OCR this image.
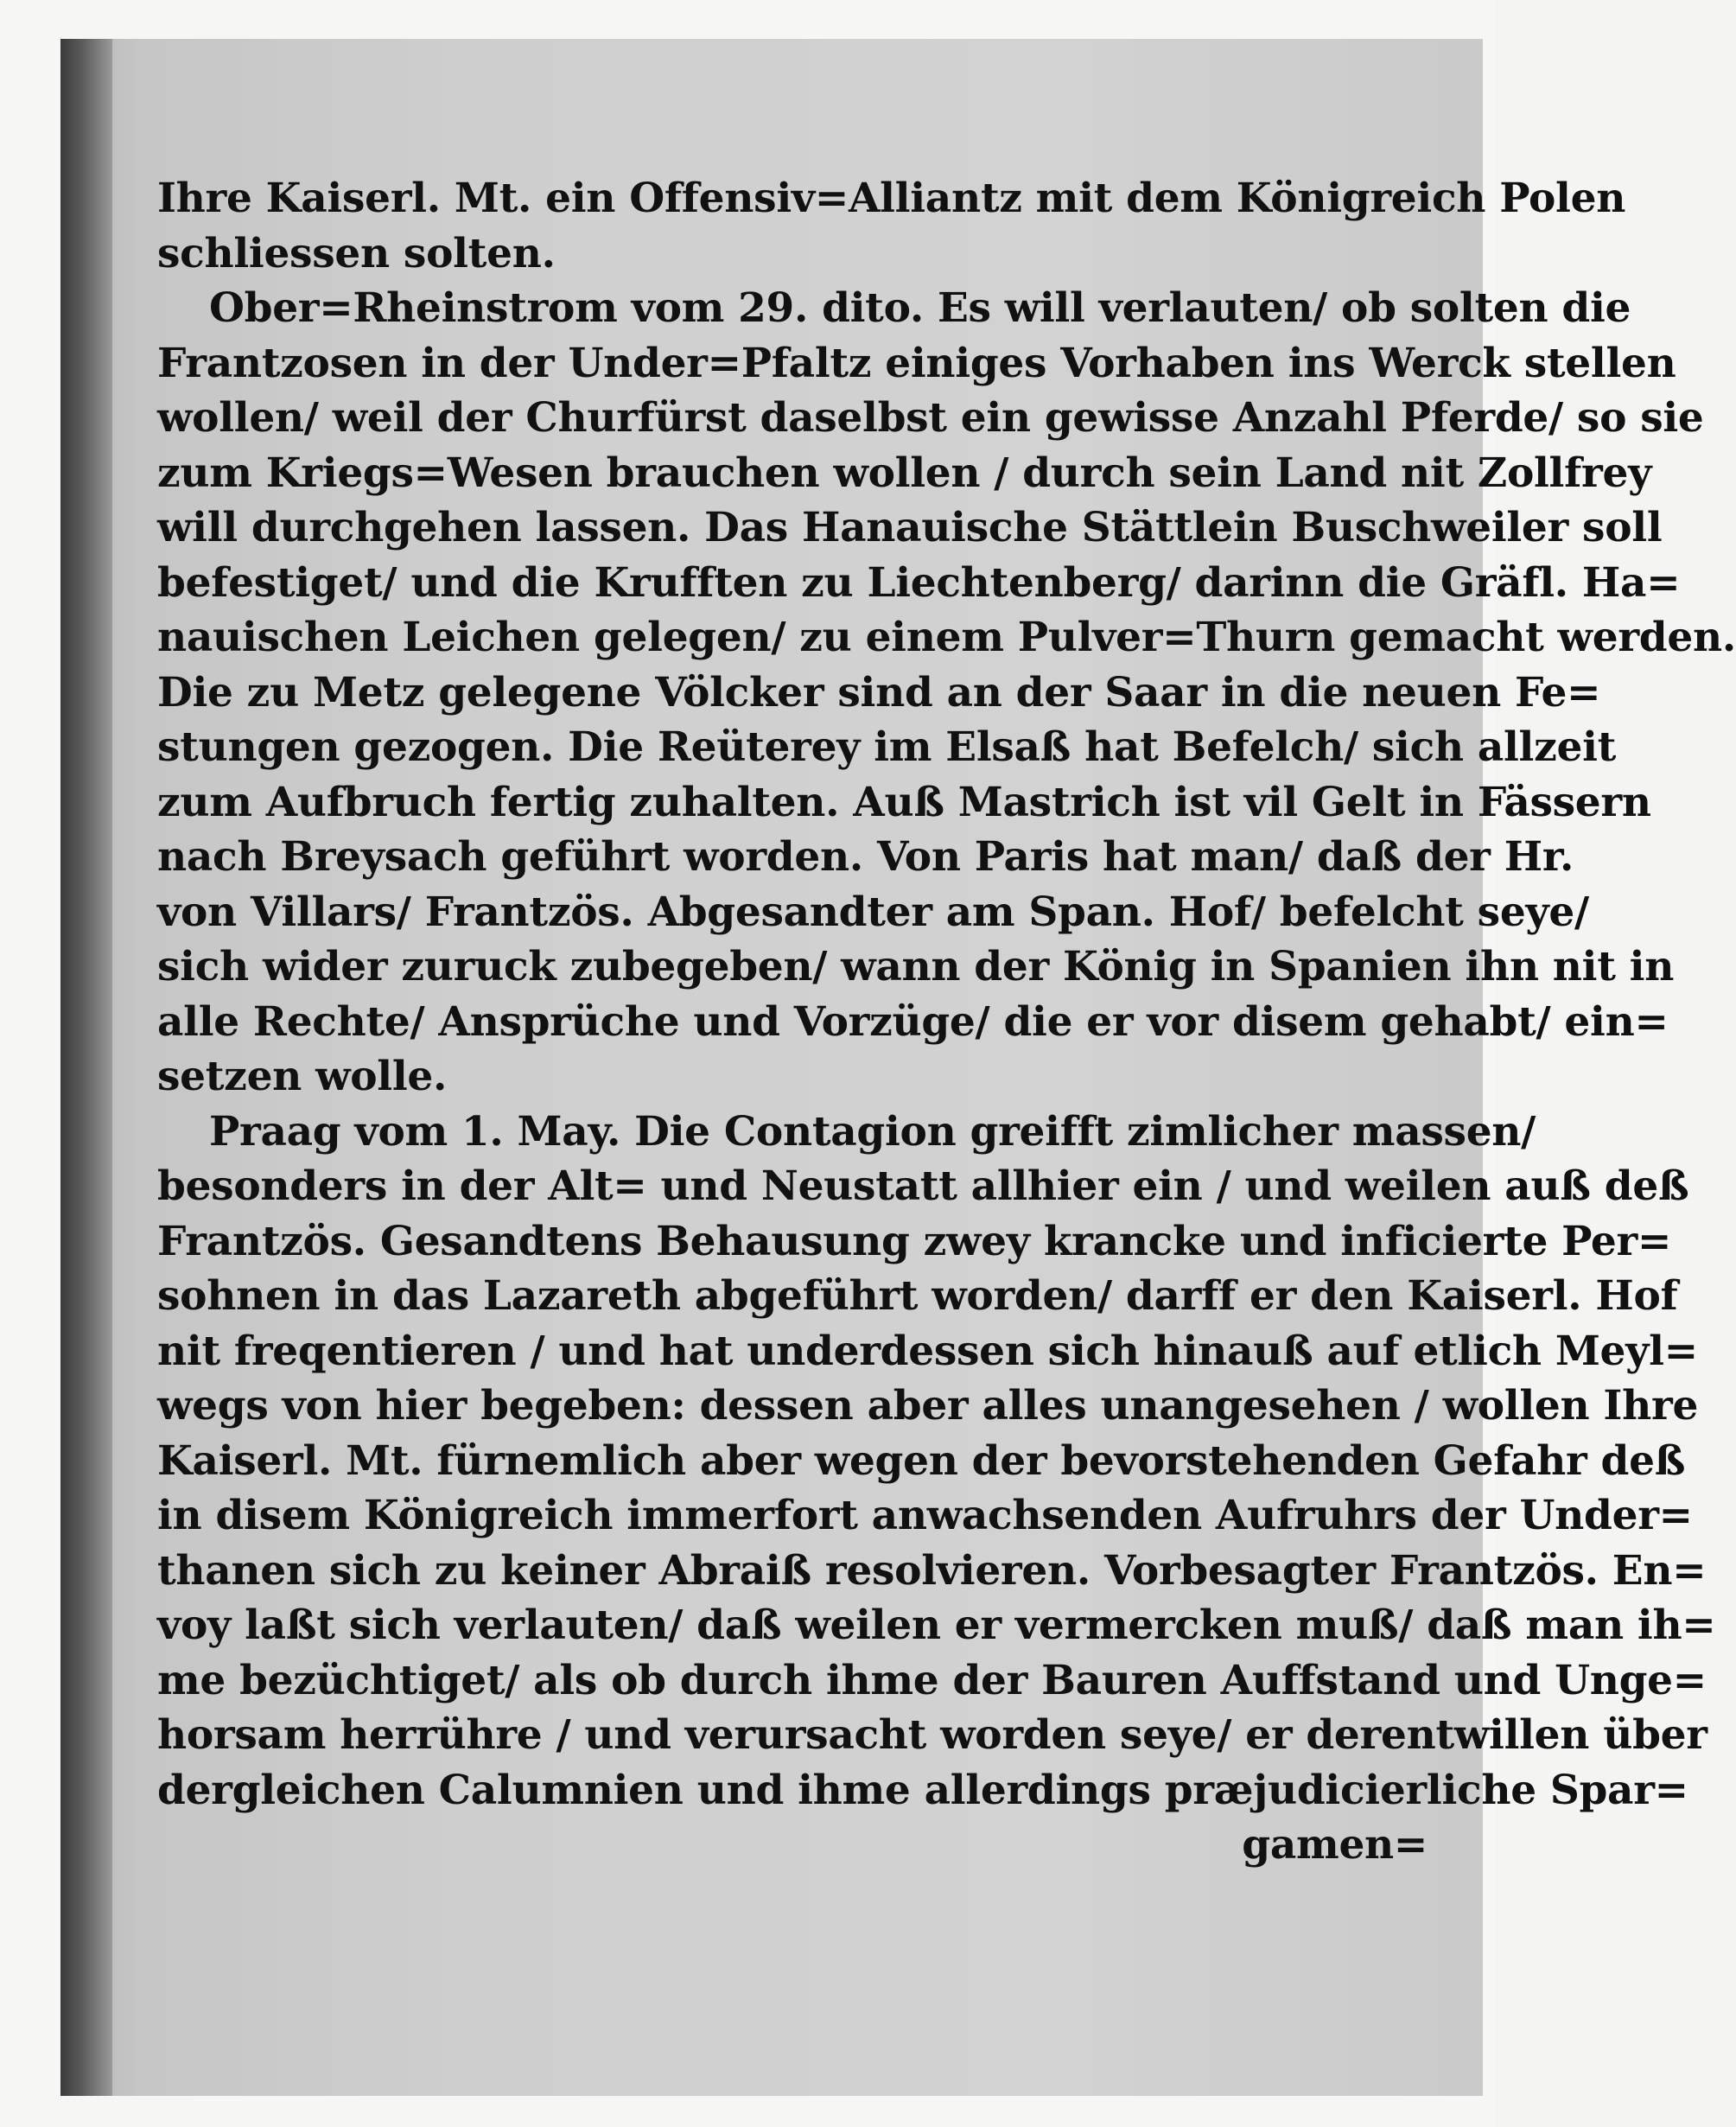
Ihre Kaiserl. Mt. ein Offensiv=Alliantz mit dem Königreich Polen
schliessen solten.
Ober=Rheinstrom vom 29. dito. Es will verlauten/ ob solten die
Frantzosen in der Under=Pfaltz einiges Vorhaben ins Werck stellen
wollen/ weil der Churfürst daselbst ein gewisse Anzahl Pferde/ so sie
zum Kriegs=Wesen brauchen wollen / durch sein Land nit Zollfrey
will durchgehen lassen. Das Hanauische Stättlein Buschweiler soll
befestiget/ und die Krufften zu Liechtenberg/ darinn die Gräfl. Ha=
nauischen Leichen gelegen/ zu einem Pulver=Thurn gemacht werden.
Die zu Metz gelegene Völcker sind an der Saar in die neuen Fe=
stungen gezogen. Die Reüterey im Elsaß hat Befelch/ sich allzeit
zum Aufbruch fertig zuhalten. Auß Mastrich ist vil Gelt in Fässern
nach Breysach geführt worden. Von Paris hat man/ daß der Hr.
von Villars/ Frantzös. Abgesandter am Span. Hof/ befelcht seye/
sich wider zuruck zubegeben/ wann der König in Spanien ihn nit in
alle Rechte/ Ansprüche und Vorzüge/ die er vor disem gehabt/ ein=
setzen wolle.
Praag vom 1. May. Die Contagion greifft zimlicher massen/
besonders in der Alt= und Neustatt allhier ein / und weilen auß deß
Frantzös. Gesandtens Behausung zwey krancke und inficierte Per=
sohnen in das Lazareth abgeführt worden/ darff er den Kaiserl. Hof
nit freqentieren / und hat underdessen sich hinauß auf etlich Meyl=
wegs von hier begeben: dessen aber alles unangesehen / wollen Ihre
Kaiserl. Mt. fürnemlich aber wegen der bevorstehenden Gefahr deß
in disem Königreich immerfort anwachsenden Aufruhrs der Under=
thanen sich zu keiner Abraiß resolvieren. Vorbesagter Frantzös. En=
voy laßt sich verlauten/ daß weilen er vermercken muß/ daß man ih=
me bezüchtiget/ als ob durch ihme der Bauren Auffstand und Unge=
horsam herrühre / und verursacht worden seye/ er derentwillen über
dergleichen Calumnien und ihme allerdings præjudicierliche Spar=
gamen=
